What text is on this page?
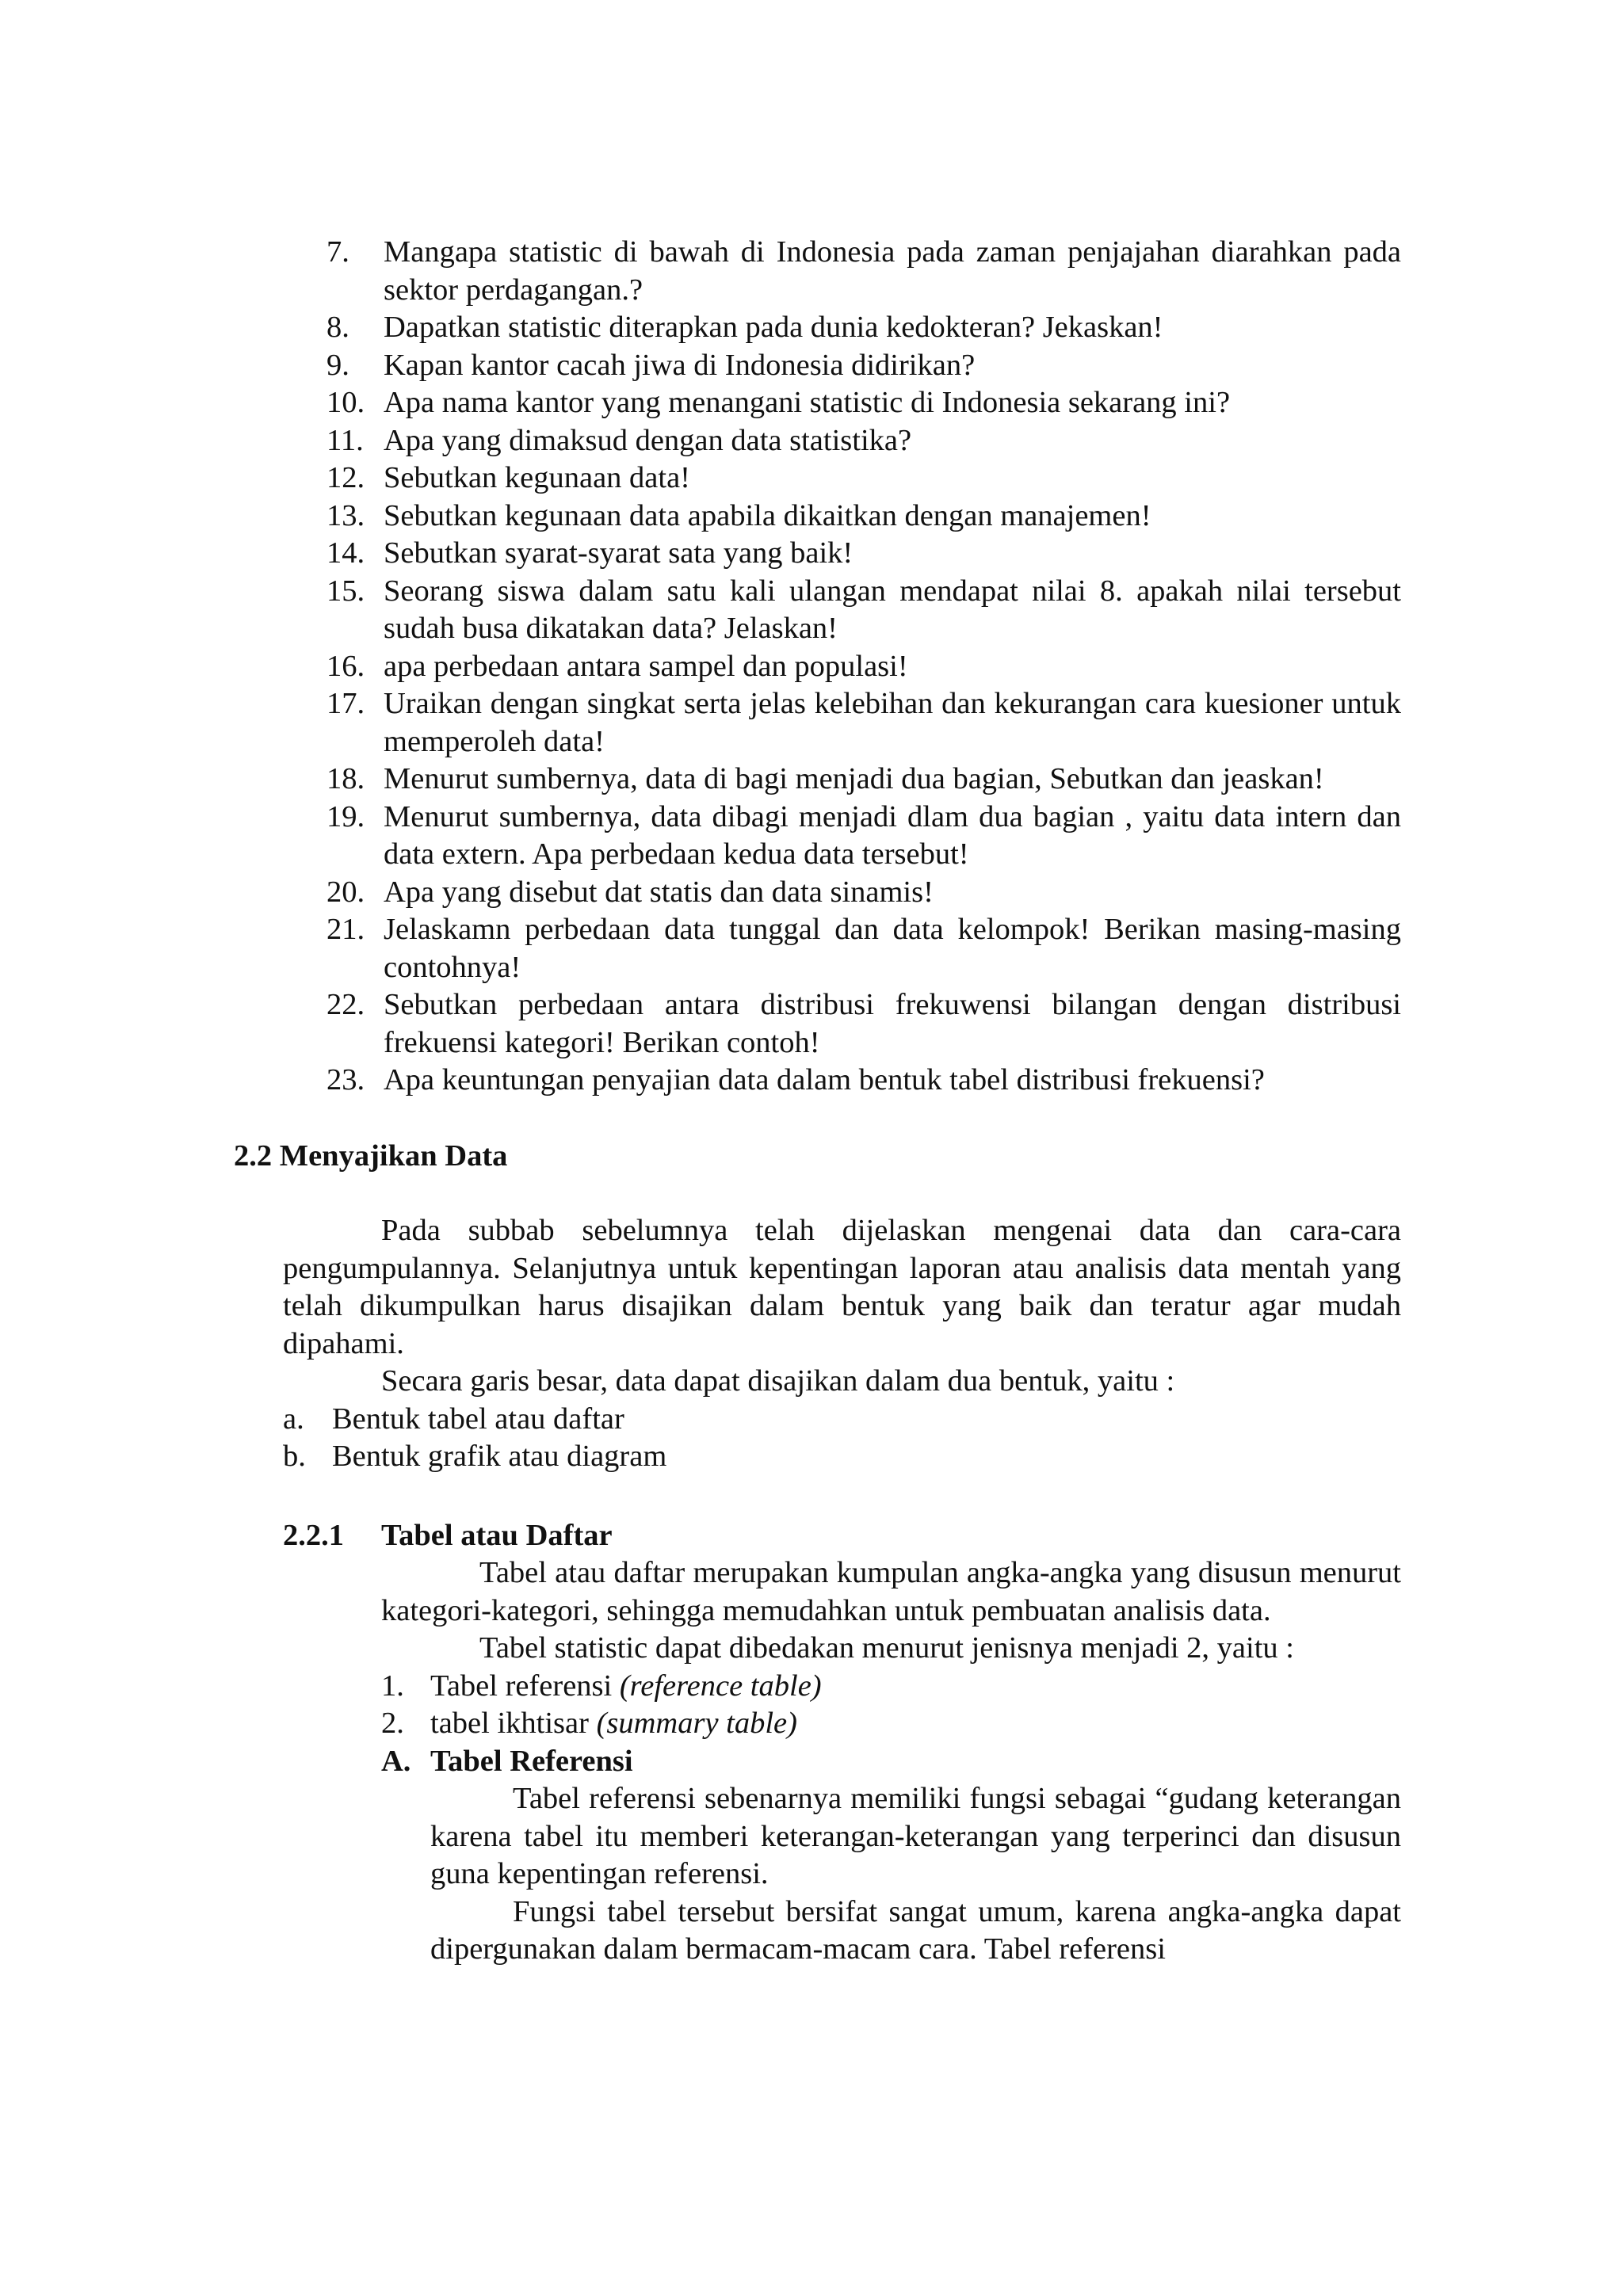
7.	Mangapa statistic di bawah di Indonesia pada zaman penjajahan diarahkan pada sektor perdagangan.?
8.	Dapatkan statistic diterapkan pada dunia kedokteran? Jekaskan!
9.	Kapan kantor cacah jiwa di Indonesia didirikan?
10. Apa nama kantor yang menangani statistic di Indonesia sekarang ini?
11. Apa yang dimaksud dengan data statistika?
12. Sebutkan kegunaan data!
13. Sebutkan kegunaan data apabila dikaitkan dengan manajemen!
14. Sebutkan syarat-syarat sata yang baik!
15. Seorang siswa dalam satu kali ulangan mendapat nilai 8. apakah nilai tersebut sudah busa dikatakan data? Jelaskan!
16. apa perbedaan antara sampel dan populasi!
17. Uraikan dengan singkat serta jelas kelebihan dan kekurangan cara kuesioner untuk memperoleh data!
18. Menurut sumbernya, data di bagi menjadi dua bagian, Sebutkan dan jeaskan!
19. Menurut sumbernya, data dibagi menjadi dlam dua bagian , yaitu data intern dan data extern. Apa perbedaan kedua data tersebut!
20. Apa yang disebut dat statis dan data sinamis!
21. Jelaskamn perbedaan data tunggal dan data kelompok! Berikan masing-masing contohnya!
22. Sebutkan perbedaan antara distribusi frekuwensi bilangan dengan distribusi frekuensi kategori! Berikan contoh!
23. Apa keuntungan penyajian data dalam bentuk tabel distribusi frekuensi?
2.2 Menyajikan Data

Pada subbab sebelumnya telah dijelaskan mengenai data dan cara-cara pengumpulannya. Selanjutnya untuk kepentingan laporan atau analisis data mentah yang telah dikumpulkan harus disajikan dalam bentuk yang baik dan teratur agar mudah dipahami.

Secara garis besar, data dapat disajikan dalam dua bentuk, yaitu :

a. Bentuk tabel atau daftar
b. Bentuk grafik atau diagram
2.2.1 Tabel atau Daftar

Tabel atau daftar merupakan kumpulan angka-angka yang disusun menurut kategori-kategori, sehingga memudahkan untuk pembuatan analisis data.

Tabel statistic dapat dibedakan menurut jenisnya menjadi 2, yaitu :

1. Tabel referensi (reference table)
2. tabel ikhtisar (summary table)
A. Tabel Referensi

Tabel referensi sebenarnya memiliki fungsi sebagai “gudang keterangan karena tabel itu memberi keterangan-keterangan yang terperinci dan disusun guna kepentingan referensi.

Fungsi tabel tersebut bersifat sangat umum, karena angka-angka dapat dipergunakan dalam bermacam-macam cara. Tabel referensi
